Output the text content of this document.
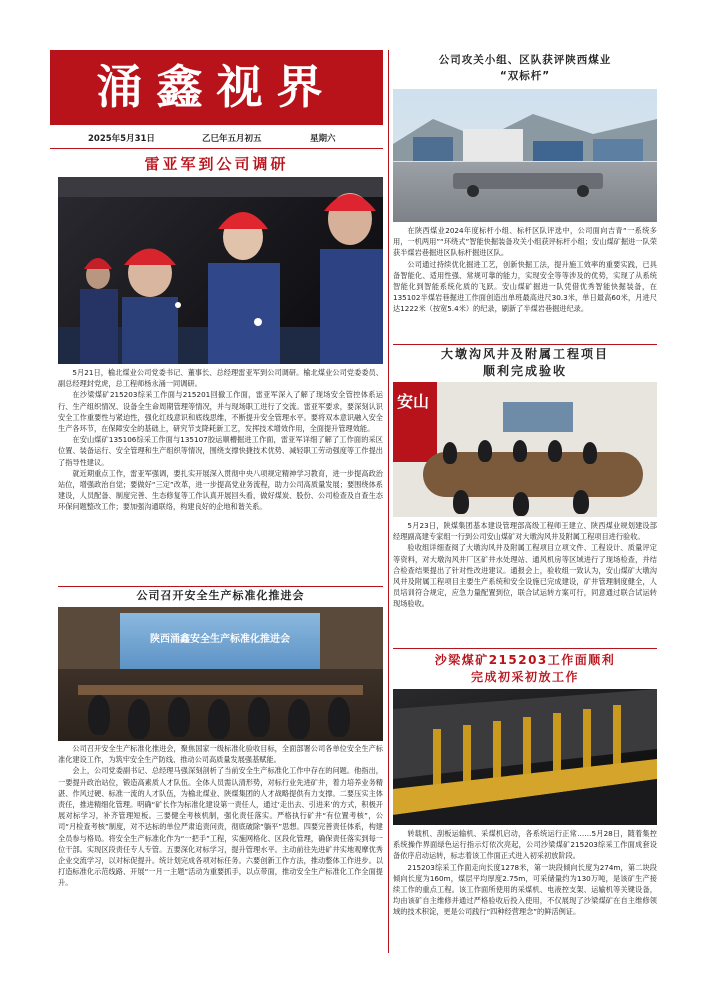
涌鑫视界
2025年5月31日	乙巳年五月初五	星期六
雷亚军到公司调研

5月21日，榆北煤业公司党委书记、董事长、总经理雷亚军到公司调研。榆北煤业公司党委委员、副总经理封党虎，总工程师杨永涌一同调研。

在沙梁煤矿215203综采工作面与215201回撤工作面，雷亚军深入了解了现场安全管控体系运行、生产组织情况、设备全生命周期管理等情况，并与现场职工进行了交流。雷亚军要求，要深刻认识安全工作重要性与紧迫性，强化红线意识和底线思维，不断提升安全管理水平。要将双本意识融入安全生产各环节，在保障安全的基础上，研究节支降耗新工艺，发挥技术增效作用，全面提升管理效能。

在安山煤矿135106综采工作面与135107胶运顺槽掘进工作面，雷亚军详细了解了工作面的采区位置、装备运行、安全管理和生产组织等情况，围绕支撑快捷技术优势、减轻职工劳动强度等工作提出了指导性建议。

就近期重点工作，雷亚军强调，要扎实开展深入贯彻中央八项规定精神学习教育，进一步提高政治站位，增强政治自觉；要做好“三定”改革，进一步提高党业务流程，助力公司高质量发展；要围绕体系建设，人员配备、制度完善、生态修复等工作认真开展回头看，做好煤炭、股份、公司检查及自查生态环保问题整改工作；要加强沟通联络，构建良好的企地和谐关系。

公司召开安全生产标准化推进会
陕西涌鑫安全生产标准化推进会

公司召开安全生产标准化推进会，聚焦国家一级标准化验收目标，全面部署公司各单位安全生产标准化建设工作，为筑牢安全生产防线、推动公司高质量发展强基赋能。

会上，公司党委副书记、总经理马强深刻剖析了当前安全生产标准化工作中存在的问题。他指出，一要提升政治站位，锻造高素质人才队伍。全体人员需认清形势，对标行业先进矿井，着力培养业务精湛、作风过硬、标准一流的人才队伍，为榆北煤业、陕煤集团的人才战略提供有力支撑。二要压实主体责任，推进精细化管理。明确“矿长作为标准化建设第一责任人，通过‘走出去、引进来’的方式，积极开展对标学习，补齐管理短板。三要健全考核机制，强化责任落实。严格执行矿井“有位置考核”，公司“月检查考核”制度，对不达标的单位严肃追责问责，彻底破除“躺平”思想。四要完善责任体系，构建全员参与格局。将安全生产标准化作为“一把手”工程，实施网格化、区段化管理，确保责任落实到每一位干部。实现区段责任专人专管。五要深化对标学习，提升管理水平。主动前往先进矿井实地观摩优秀企业交流学习，以对标促提升。统计划完成各项对标任务。六要创新工作方法，推动整体工作进步。以打造标准化示范线路、开展“一月一主题”活动为重要抓手，以点带面，推动安全生产标准化工作全面提升。

公司攻关小组、区队获评陕西煤业
“双标杆”

在陕西煤业2024年度标杆小组、标杆区队评选中，公司面向吉青“一系统多用，一机两用”“环绕式”智能快掘装备攻关小组获评标杆小组；安山煤矿掘进一队荣获半煤岩巷掘进区队标杆掘进区队。

公司通过持续优化掘进工艺，创新快掘工法，提升施工效率的重要实践，已具备智能化、适用性强、常规可靠的能力，实现安全等等涉及的优势，实现了从系统智能化到智能系统化质的飞跃。安山煤矿掘进一队凭借优秀智能快掘装备，在135102半煤岩巷掘进工作面创造出单班最高进尺30.3米，单日最高60米，月进尺达1222米（按宽5.4米）的纪录，刷新了半煤岩巷掘进纪录。

大墩沟风井及附属工程项目
顺利完成验收
安山

5月23日，陕煤集团基本建设管理部高级工程师王建立、陕西煤业规划建设部经理副高建专家组一行到公司安山煤矿对大墩沟风井及附属工程项目进行验收。

验收组详细查阅了大墩沟风井及附属工程项目立项文件、工程设计、质量评定等资料，对大墩沟风井厂区矿井水处理站、通风机房等区域进行了现场检查，并结合检查结果提出了针对性改进建议。通报会上，验收组一致认为，安山煤矿大墩沟风井及附属工程项目主要生产系统和安全设施已完成建设，矿井管理制度健全，人员培训符合规定，应急力量配置到位，联合试运转方案可行，同意通过联合试运转现场验收。

沙梁煤矿215203工作面顺利
完成初采初放工作

转载机、刮板运输机、采煤机启动，各系统运行正常……5月28日，随着集控系统操作界面绿色运行指示灯依次亮起，公司沙梁煤矿215203综采工作面成套设备依序启动运转，标志着该工作面正式进入初采初放阶段。

215203综采工作面走向长度1278米，第一块段倾向长度为274m，第二块段倾向长度为160m，煤层平均厚度2.75m，可采储量约为130万吨，是该矿生产接续工作的重点工程。该工作面所使用的采煤机、电液控支架、运输机等关键设备，均由该矿自主维修并通过严格验收后投入使用，不仅展现了沙梁煤矿在自主维修领域的技术积淀，更是公司践行“四种经营理念”的鲜活例证。
